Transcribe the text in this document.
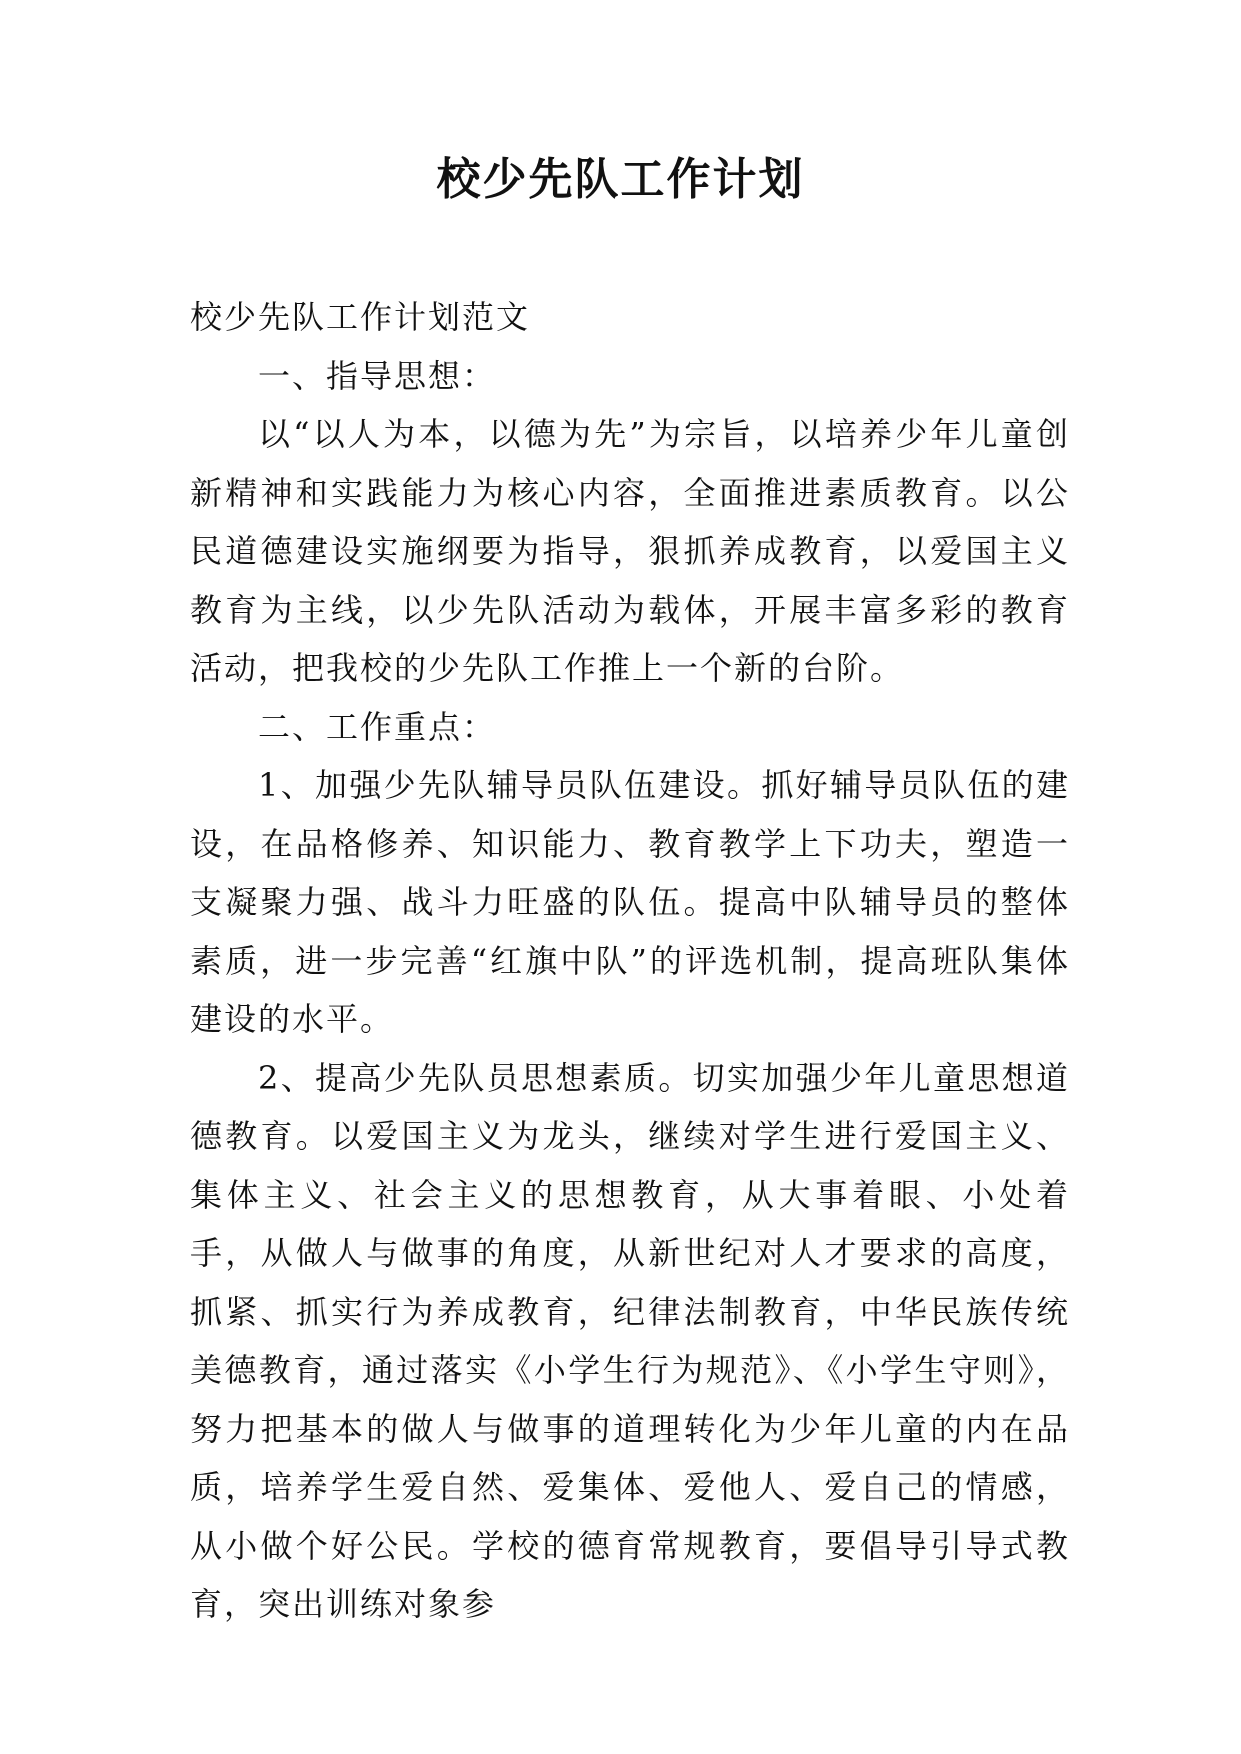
校少先队工作计划

校少先队工作计划范文

一、指导思想：

以“以人为本，以德为先”为宗旨，以培养少年儿童创新精神和实践能力为核心内容，全面推进素质教育。以公民道德建设实施纲要为指导，狠抓养成教育，以爱国主义教育为主线，以少先队活动为载体，开展丰富多彩的教育活动，把我校的少先队工作推上一个新的台阶。

二、工作重点：

1、加强少先队辅导员队伍建设。抓好辅导员队伍的建设，在品格修养、知识能力、教育教学上下功夫，塑造一支凝聚力强、战斗力旺盛的队伍。提高中队辅导员的整体素质，进一步完善“红旗中队”的评选机制，提高班队集体建设的水平。

2、提高少先队员思想素质。切实加强少年儿童思想道德教育。以爱国主义为龙头，继续对学生进行爱国主义、集体主义、社会主义的思想教育，从大事着眼、小处着手，从做人与做事的角度，从新世纪对人才要求的高度，抓紧、抓实行为养成教育，纪律法制教育，中华民族传统美德教育，通过落实《小学生行为规范》、《小学生守则》，努力把基本的做人与做事的道理转化为少年儿童的内在品质，培养学生爱自然、爱集体、爱他人、爱自己的情感，从小做个好公民。学校的德育常规教育，要倡导引导式教育，突出训练对象参
